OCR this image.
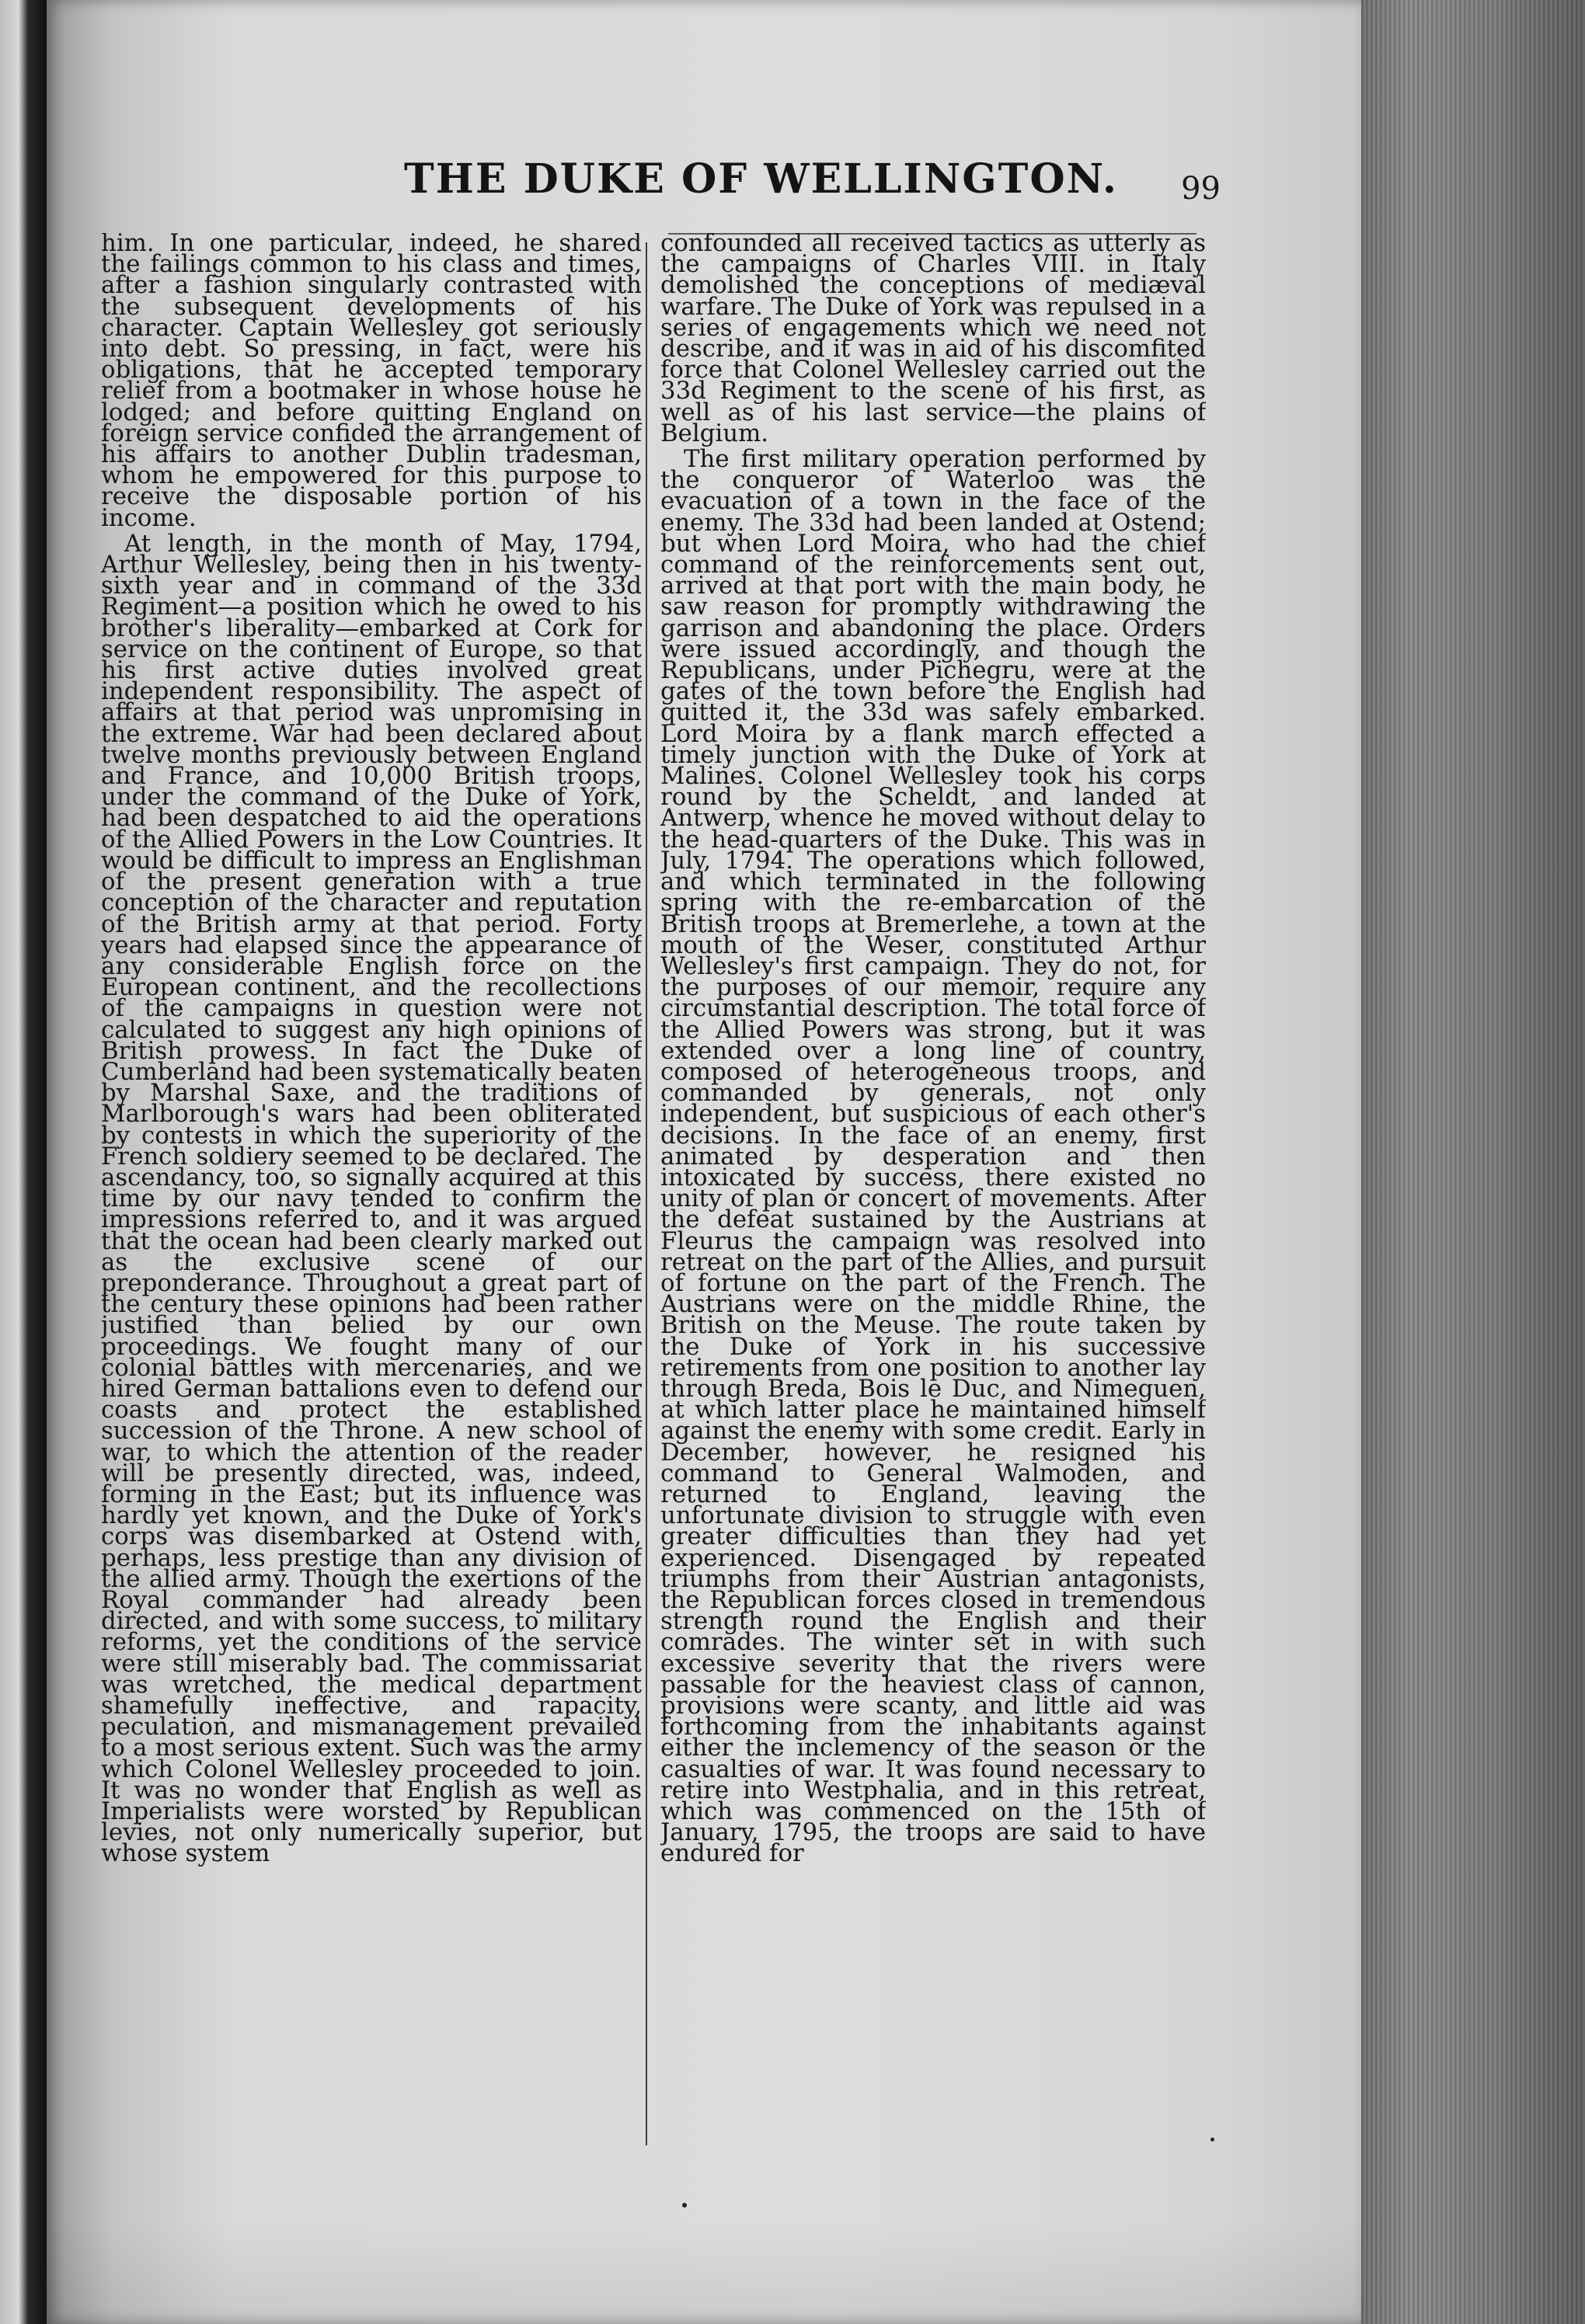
THE DUKE OF WELLINGTON. 99

him. In one particular, indeed, he shared the failings common to his class and times, after a fashion singularly contrasted with the subsequent developments of his character. Captain Wellesley got seriously into debt. So pressing, in fact, were his obligations, that he accepted temporary relief from a bootmaker in whose house he lodged; and before quitting England on foreign service confided the arrangement of his affairs to another Dublin tradesman, whom he empowered for this purpose to receive the disposable portion of his income.

At length, in the month of May, 1794, Arthur Wellesley, being then in his twenty-sixth year and in command of the 33d Regiment—a position which he owed to his brother's liberality—embarked at Cork for service on the continent of Europe, so that his first active duties involved great independent responsibility. The aspect of affairs at that period was unpromising in the extreme. War had been declared about twelve months previously between England and France, and 10,000 British troops, under the command of the Duke of York, had been despatched to aid the operations of the Allied Powers in the Low Countries. It would be difficult to impress an Englishman of the present generation with a true conception of the character and reputation of the British army at that period. Forty years had elapsed since the appearance of any considerable English force on the European continent, and the recollections of the campaigns in question were not calculated to suggest any high opinions of British prowess. In fact the Duke of Cumberland had been systematically beaten by Marshal Saxe, and the traditions of Marlborough's wars had been obliterated by contests in which the superiority of the French soldiery seemed to be declared. The ascendancy, too, so signally acquired at this time by our navy tended to confirm the impressions referred to, and it was argued that the ocean had been clearly marked out as the exclusive scene of our preponderance. Throughout a great part of the century these opinions had been rather justified than belied by our own proceedings. We fought many of our colonial battles with mercenaries, and we hired German battalions even to defend our coasts and protect the established succession of the Throne. A new school of war, to which the attention of the reader will be presently directed, was, indeed, forming in the East; but its influence was hardly yet known, and the Duke of York's corps was disembarked at Ostend with, perhaps, less prestige than any division of the allied army. Though the exertions of the Royal commander had already been directed, and with some success, to military reforms, yet the conditions of the service were still miserably bad. The commissariat was wretched, the medical department shamefully ineffective, and rapacity, peculation, and mismanagement prevailed to a most serious extent. Such was the army which Colonel Wellesley proceeded to join. It was no wonder that English as well as Imperialists were worsted by Republican levies, not only numerically superior, but whose system

confounded all received tactics as utterly as the campaigns of Charles VIII. in Italy demolished the conceptions of mediæval warfare. The Duke of York was repulsed in a series of engagements which we need not describe, and it was in aid of his discomfited force that Colonel Wellesley carried out the 33d Regiment to the scene of his first, as well as of his last service—the plains of Belgium.

The first military operation performed by the conqueror of Waterloo was the evacuation of a town in the face of the enemy. The 33d had been landed at Ostend; but when Lord Moira, who had the chief command of the reinforcements sent out, arrived at that port with the main body, he saw reason for promptly withdrawing the garrison and abandoning the place. Orders were issued accordingly, and though the Republicans, under Pichegru, were at the gates of the town before the English had quitted it, the 33d was safely embarked. Lord Moira by a flank march effected a timely junction with the Duke of York at Malines. Colonel Wellesley took his corps round by the Scheldt, and landed at Antwerp, whence he moved without delay to the head-quarters of the Duke. This was in July, 1794. The operations which followed, and which terminated in the following spring with the re-embarcation of the British troops at Bremerlehe, a town at the mouth of the Weser, constituted Arthur Wellesley's first campaign. They do not, for the purposes of our memoir, require any circumstantial description. The total force of the Allied Powers was strong, but it was extended over a long line of country, composed of heterogeneous troops, and commanded by generals, not only independent, but suspicious of each other's decisions. In the face of an enemy, first animated by desperation and then intoxicated by success, there existed no unity of plan or concert of movements. After the defeat sustained by the Austrians at Fleurus the campaign was resolved into retreat on the part of the Allies, and pursuit of fortune on the part of the French. The Austrians were on the middle Rhine, the British on the Meuse. The route taken by the Duke of York in his successive retirements from one position to another lay through Breda, Bois le Duc, and Nimeguen, at which latter place he maintained himself against the enemy with some credit. Early in December, however, he resigned his command to General Walmoden, and returned to England, leaving the unfortunate division to struggle with even greater difficulties than they had yet experienced. Disengaged by repeated triumphs from their Austrian antagonists, the Republican forces closed in tremendous strength round the English and their comrades. The winter set in with such excessive severity that the rivers were passable for the heaviest class of cannon, provisions were scanty, and little aid was forthcoming from the inhabitants against either the inclemency of the season or the casualties of war. It was found necessary to retire into Westphalia, and in this retreat, which was commenced on the 15th of January, 1795, the troops are said to have endured for
